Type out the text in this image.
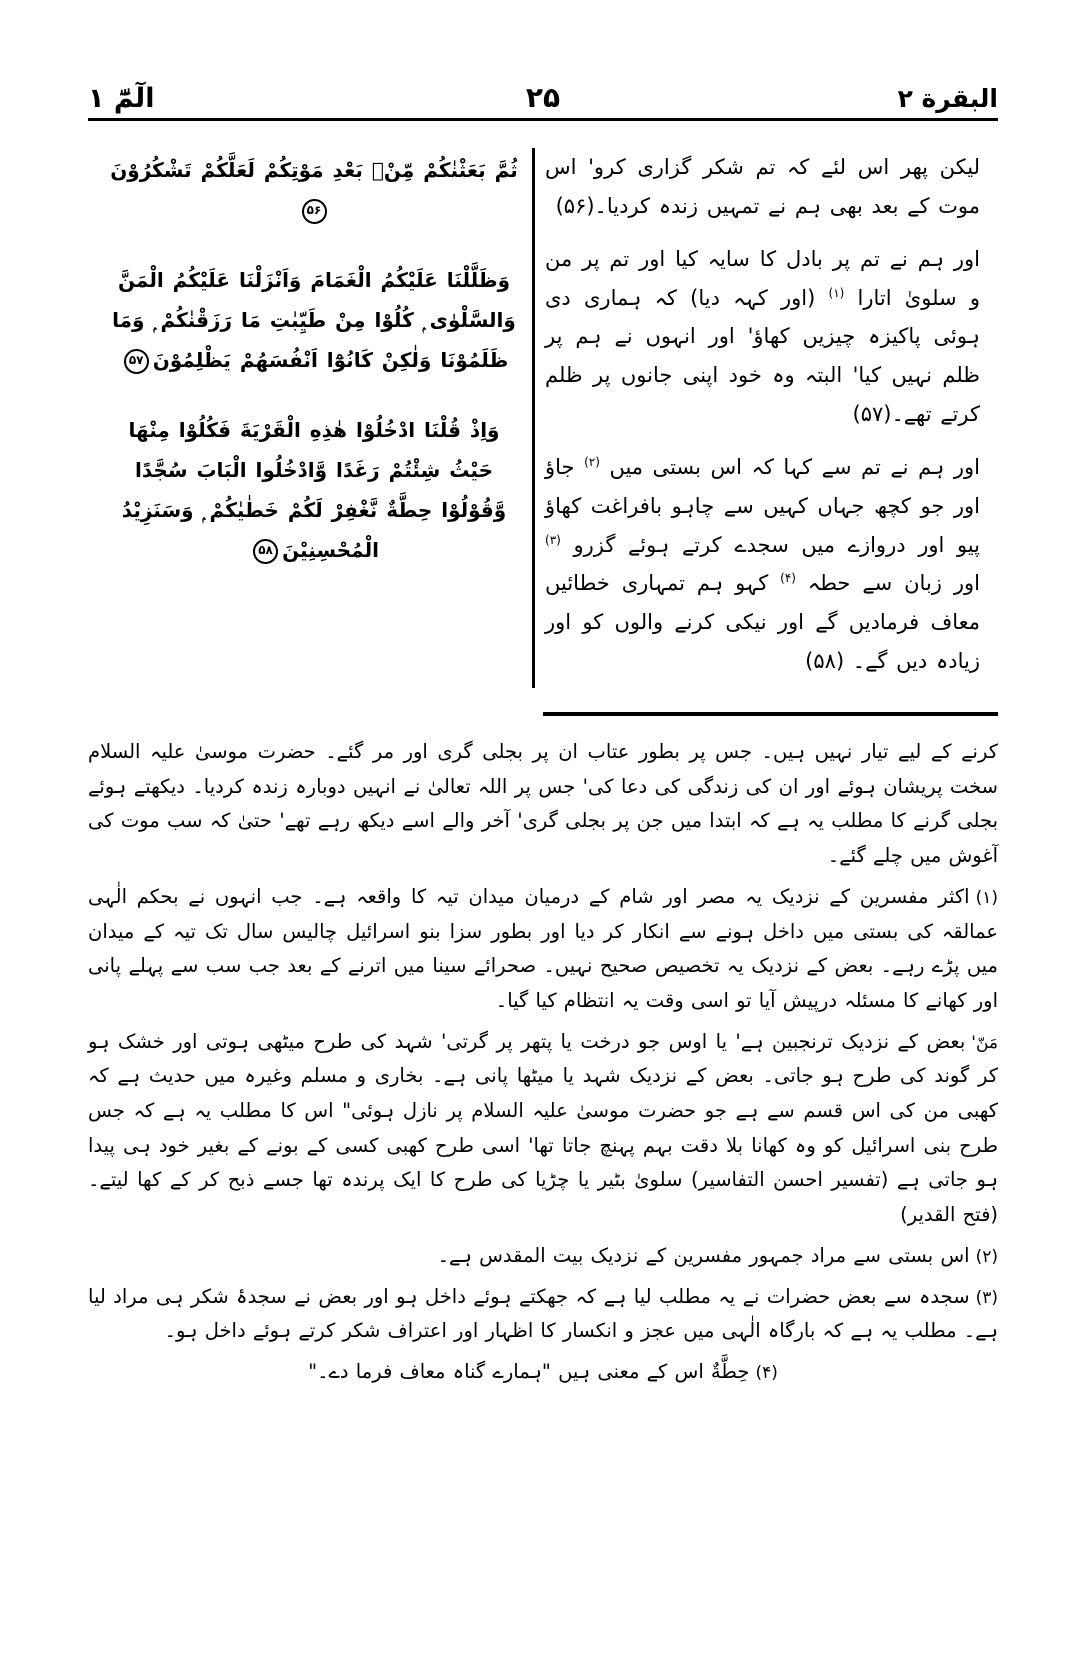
الٓمّٓ ۱	البقرة ۲
۲۵

ثُمَّ بَعَثْنٰكُمْ مِّنْۢ بَعْدِ مَوْتِكُمْ لَعَلَّكُمْ تَشْكُرُوْنَ۵۶

وَظَلَّلْنَا عَلَيْكُمُ الْغَمَامَ وَاَنْزَلْنَا عَلَيْكُمُ الْمَنَّ وَالسَّلْوٰى ۭ كُلُوْا مِنْ طَيِّبٰتِ مَا رَزَقْنٰكُمْ ۭ وَمَا ظَلَمُوْنَا وَلٰكِنْ كَانُوْٓا اَنْفُسَهُمْ يَظْلِمُوْنَ۵۷

وَاِذْ قُلْنَا ادْخُلُوْا هٰذِهِ الْقَرْيَةَ فَكُلُوْا مِنْهَا حَيْثُ شِئْتُمْ رَغَدًا وَّادْخُلُوا الْبَابَ سُجَّدًا وَّقُوْلُوْا حِطَّةٌ نَّغْفِرْ لَكُمْ خَطٰيٰكُمْ ۭ وَسَنَزِيْدُ الْمُحْسِنِيْنَ۵۸

لیکن پھر اس لئے کہ تم شکر گزاری کرو' اس موت کے بعد بھی ہم نے تمہیں زندہ کردیا۔(۵۶)

اور ہم نے تم پر بادل کا سایہ کیا اور تم پر من و سلویٰ اتارا $^{(۱)}$ (اور کہہ دیا) کہ ہماری دی ہوئی پاکیزہ چیزیں کھاؤ' اور انہوں نے ہم پر ظلم نہیں کیا' البتہ وہ خود اپنی جانوں پر ظلم کرتے تھے۔(۵۷)

اور ہم نے تم سے کہا کہ اس بستی میں $^{(۲)}$ جاؤ اور جو کچھ جہاں کہیں سے چاہو بافراغت کھاؤ پیو اور دروازے میں سجدے کرتے ہوئے گزرو $^{(۳)}$ اور زبان سے حطہ $^{(۴)}$ کہو ہم تمہاری خطائیں معاف فرمادیں گے اور نیکی کرنے والوں کو اور زیادہ دیں گے۔ (۵۸)

کرنے کے لیے تیار نہیں ہیں۔ جس پر بطور عتاب ان پر بجلی گری اور مر گئے۔ حضرت موسیٰ علیہ السلام سخت پریشان ہوئے اور ان کی زندگی کی دعا کی' جس پر اللہ تعالیٰ نے انہیں دوبارہ زندہ کردیا۔ دیکھتے ہوئے بجلی گرنے کا مطلب یہ ہے کہ ابتدا میں جن پر بجلی گری' آخر والے اسے دیکھ رہے تھے' حتیٰ کہ سب موت کی آغوش میں چلے گئے۔

(۱)اکثر مفسرین کے نزدیک یہ مصر اور شام کے درمیان میدان تیہ کا واقعہ ہے۔ جب انہوں نے بحکم الٰہی عمالقہ کی بستی میں داخل ہونے سے انکار کر دیا اور بطور سزا بنو اسرائیل چالیس سال تک تیہ کے میدان میں پڑے رہے۔ بعض کے نزدیک یہ تخصیص صحیح نہیں۔ صحرائے سینا میں اترنے کے بعد جب سب سے پہلے پانی اور کھانے کا مسئلہ درپیش آیا تو اسی وقت یہ انتظام کیا گیا۔

مَنّ'بعض کے نزدیک ترنجبین ہے' یا اوس جو درخت یا پتھر پر گرتی' شہد کی طرح میٹھی ہوتی اور خشک ہو کر گوند کی طرح ہو جاتی۔ بعض کے نزدیک شہد یا میٹھا پانی ہے۔ بخاری و مسلم وغیرہ میں حدیث ہے کہ کھبی من کی اس قسم سے ہے جو حضرت موسیٰ علیہ السلام پر نازل ہوئی" اس کا مطلب یہ ہے کہ جس طرح بنی اسرائیل کو وہ کھانا بلا دقت بہم پہنچ جاتا تھا' اسی طرح کھبی کسی کے بونے کے بغیر خود ہی پیدا ہو جاتی ہے (تفسیر احسن التفاسیر) سلویٰ بٹیر یا چڑیا کی طرح کا ایک پرندہ تھا جسے ذبح کر کے کھا لیتے۔ (فتح القدیر)

(۲)اس بستی سے مراد جمہور مفسرین کے نزدیک بیت المقدس ہے۔

(۳)سجدہ سے بعض حضرات نے یہ مطلب لیا ہے کہ جھکتے ہوئے داخل ہو اور بعض نے سجدۂ شکر ہی مراد لیا ہے۔ مطلب یہ ہے کہ بارگاہ الٰہی میں عجز و انکسار کا اظہار اور اعتراف شکر کرتے ہوئے داخل ہو۔

(۴)حِطَّةٌ اس کے معنی ہیں "ہمارے گناہ معاف فرما دے۔"
